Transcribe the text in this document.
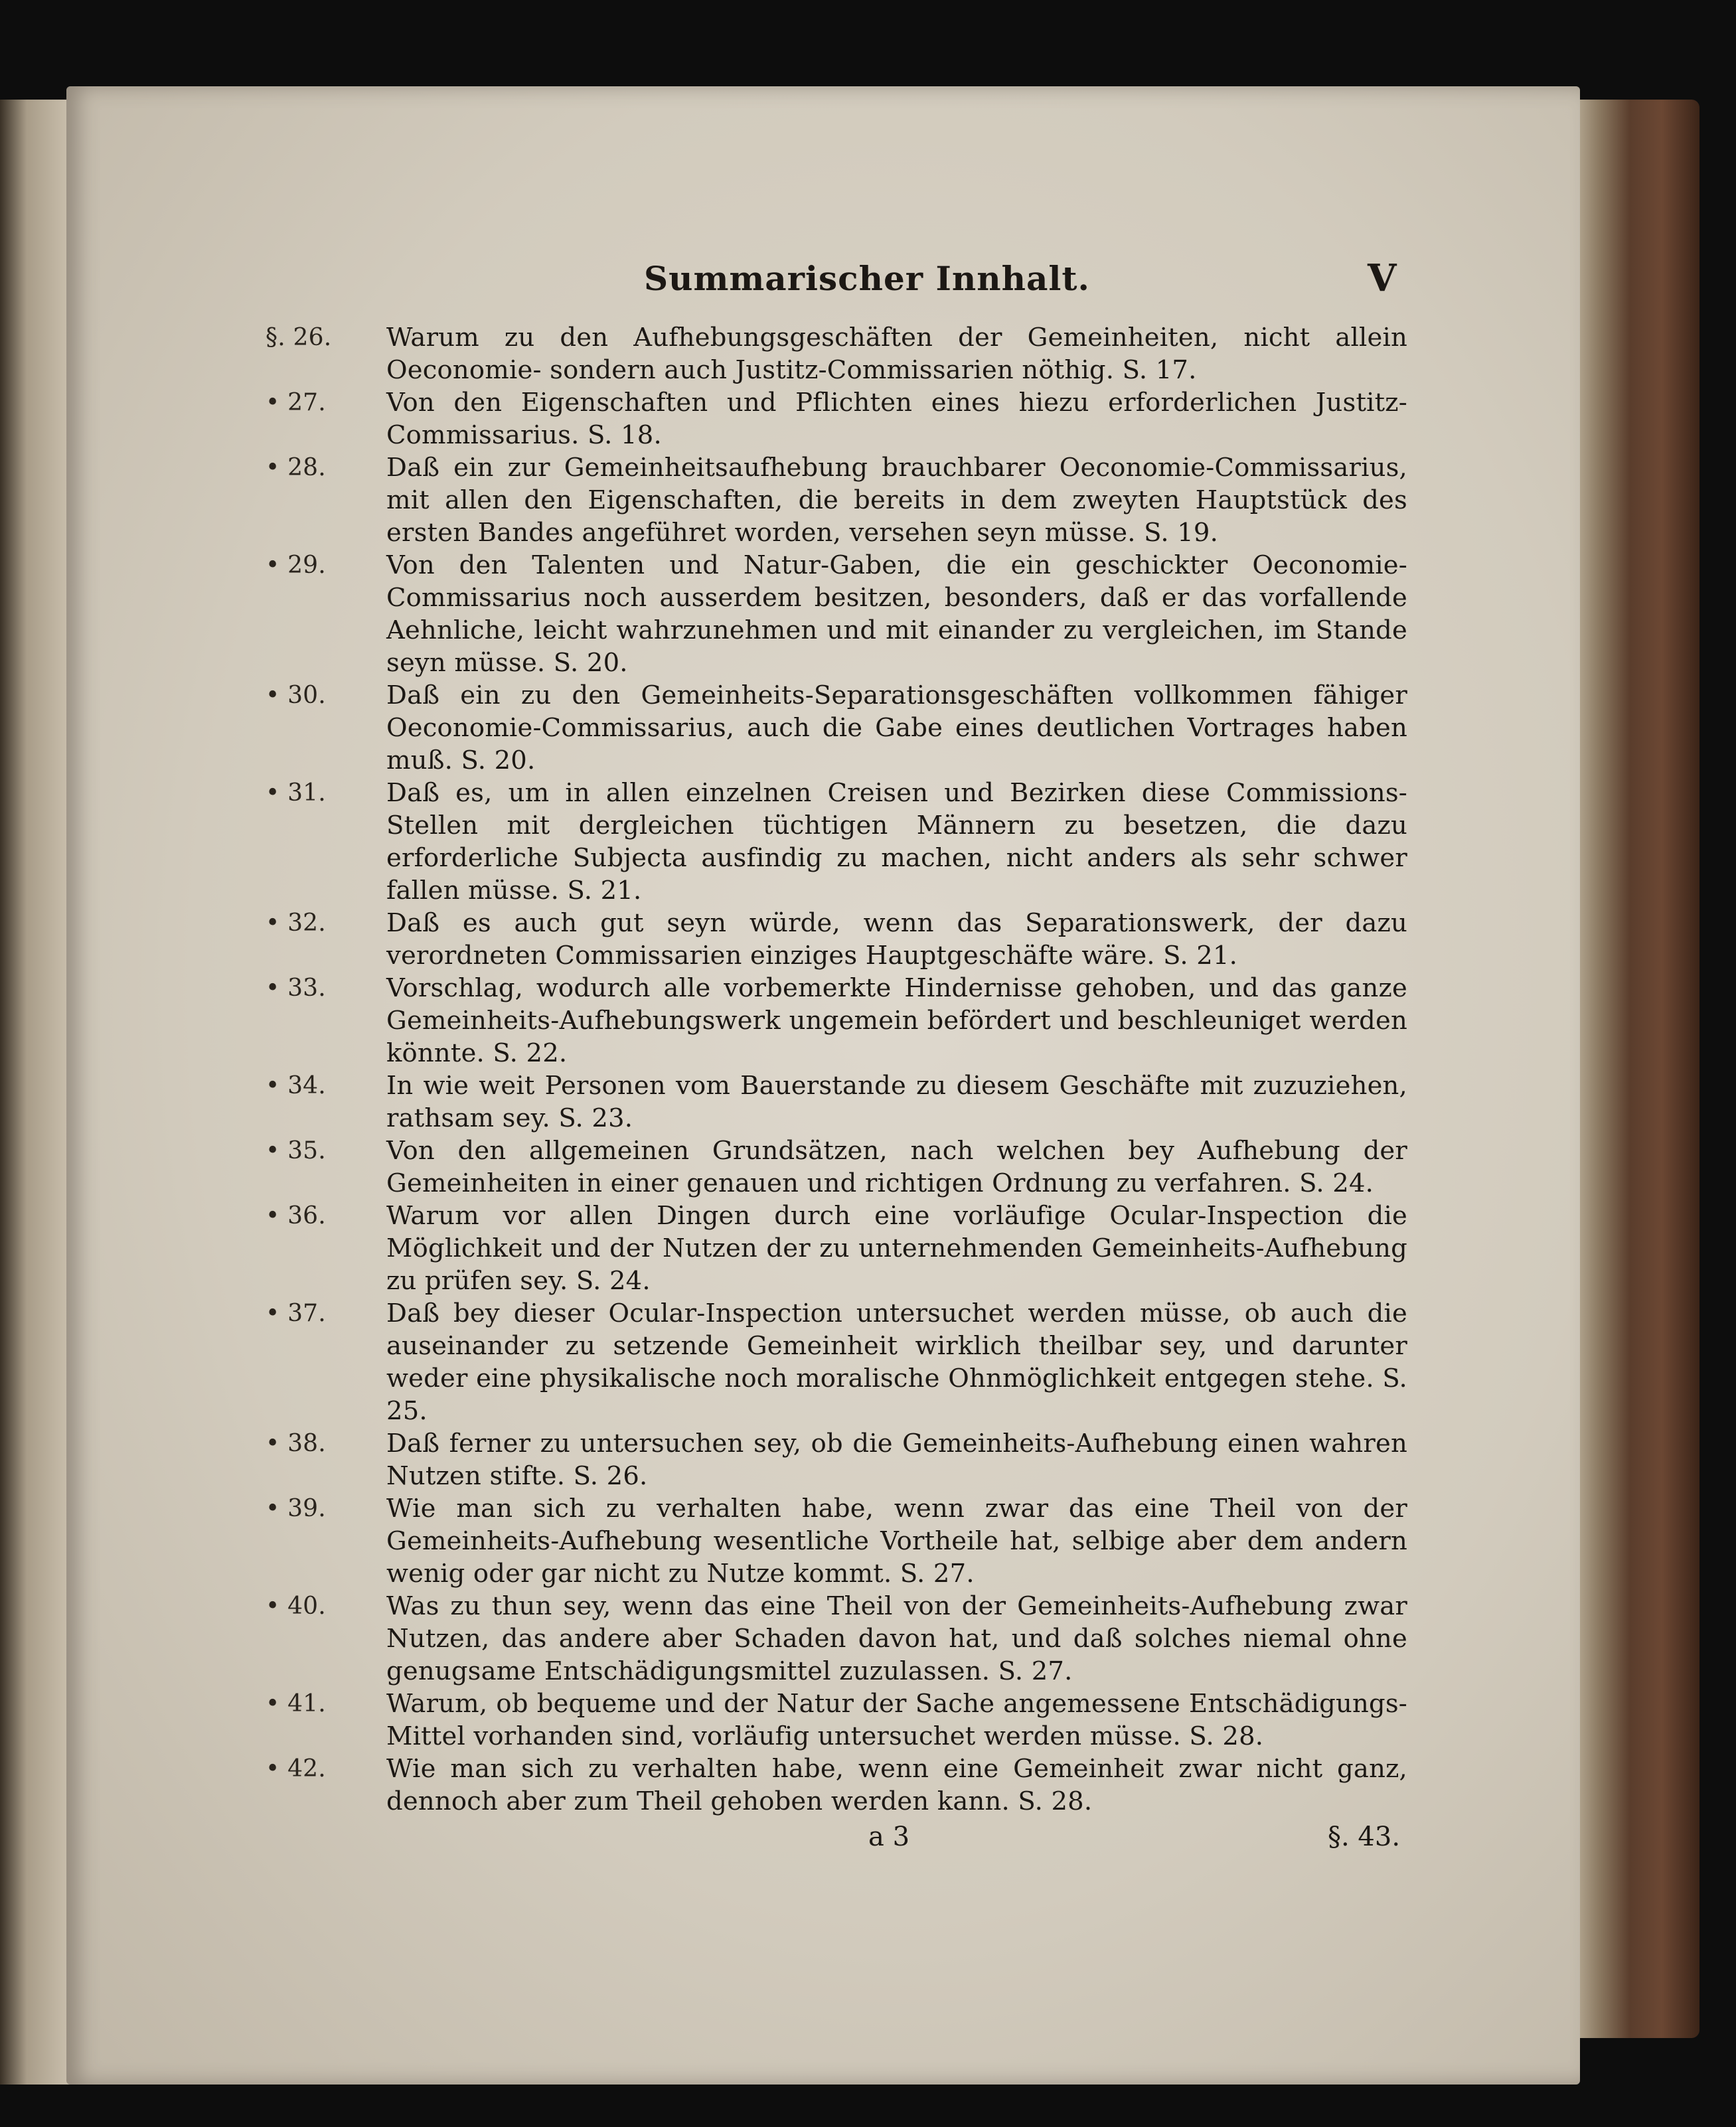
Summarischer Innhalt.	V
§. 26.	Warum zu den Aufhebungsgeschäften der Gemeinheiten, nicht allein Oeconomie- sondern auch Justitz-Commissarien nöthig. S. 17.
• 27.	Von den Eigenschaften und Pflichten eines hiezu erforderlichen Justitz-Commissarius. S. 18.
• 28.	Daß ein zur Gemeinheitsaufhebung brauchbarer Oeconomie-Commissarius, mit allen den Eigenschaften, die bereits in dem zweyten Hauptstück des ersten Bandes angeführet worden, versehen seyn müsse. S. 19.
• 29.	Von den Talenten und Natur-Gaben, die ein geschickter Oeconomie-Commissarius noch ausserdem besitzen, besonders, daß er das vorfallende Aehnliche, leicht wahrzunehmen und mit einander zu vergleichen, im Stande seyn müsse. S. 20.
• 30.	Daß ein zu den Gemeinheits-Separationsgeschäften vollkommen fähiger Oeconomie-Commissarius, auch die Gabe eines deutlichen Vortrages haben muß. S. 20.
• 31.	Daß es, um in allen einzelnen Creisen und Bezirken diese Commissions-Stellen mit dergleichen tüchtigen Männern zu besetzen, die dazu erforderliche Subjecta ausfindig zu machen, nicht anders als sehr schwer fallen müsse. S. 21.
• 32.	Daß es auch gut seyn würde, wenn das Separationswerk, der dazu verordneten Commissarien einziges Hauptgeschäfte wäre. S. 21.
• 33.	Vorschlag, wodurch alle vorbemerkte Hindernisse gehoben, und das ganze Gemeinheits-Aufhebungswerk ungemein befördert und beschleuniget werden könnte. S. 22.
• 34.	In wie weit Personen vom Bauerstande zu diesem Geschäfte mit zuzuziehen, rathsam sey. S. 23.
• 35.	Von den allgemeinen Grundsätzen, nach welchen bey Aufhebung der Gemeinheiten in einer genauen und richtigen Ordnung zu verfahren. S. 24.
• 36.	Warum vor allen Dingen durch eine vorläufige Ocular-Inspection die Möglichkeit und der Nutzen der zu unternehmenden Gemeinheits-Aufhebung zu prüfen sey. S. 24.
• 37.	Daß bey dieser Ocular-Inspection untersuchet werden müsse, ob auch die auseinander zu setzende Gemeinheit wirklich theilbar sey, und darunter weder eine physikalische noch moralische Ohnmöglichkeit entgegen stehe. S. 25.
• 38.	Daß ferner zu untersuchen sey, ob die Gemeinheits-Aufhebung einen wahren Nutzen stifte. S. 26.
• 39.	Wie man sich zu verhalten habe, wenn zwar das eine Theil von der Gemeinheits-Aufhebung wesentliche Vortheile hat, selbige aber dem andern wenig oder gar nicht zu Nutze kommt. S. 27.
• 40.	Was zu thun sey, wenn das eine Theil von der Gemeinheits-Aufhebung zwar Nutzen, das andere aber Schaden davon hat, und daß solches niemal ohne genugsame Entschädigungsmittel zuzulassen. S. 27.
• 41.	Warum, ob bequeme und der Natur der Sache angemessene Entschädigungs-Mittel vorhanden sind, vorläufig untersuchet werden müsse. S. 28.
• 42.	Wie man sich zu verhalten habe, wenn eine Gemeinheit zwar nicht ganz, dennoch aber zum Theil gehoben werden kann. S. 28.
a 3	§. 43.
